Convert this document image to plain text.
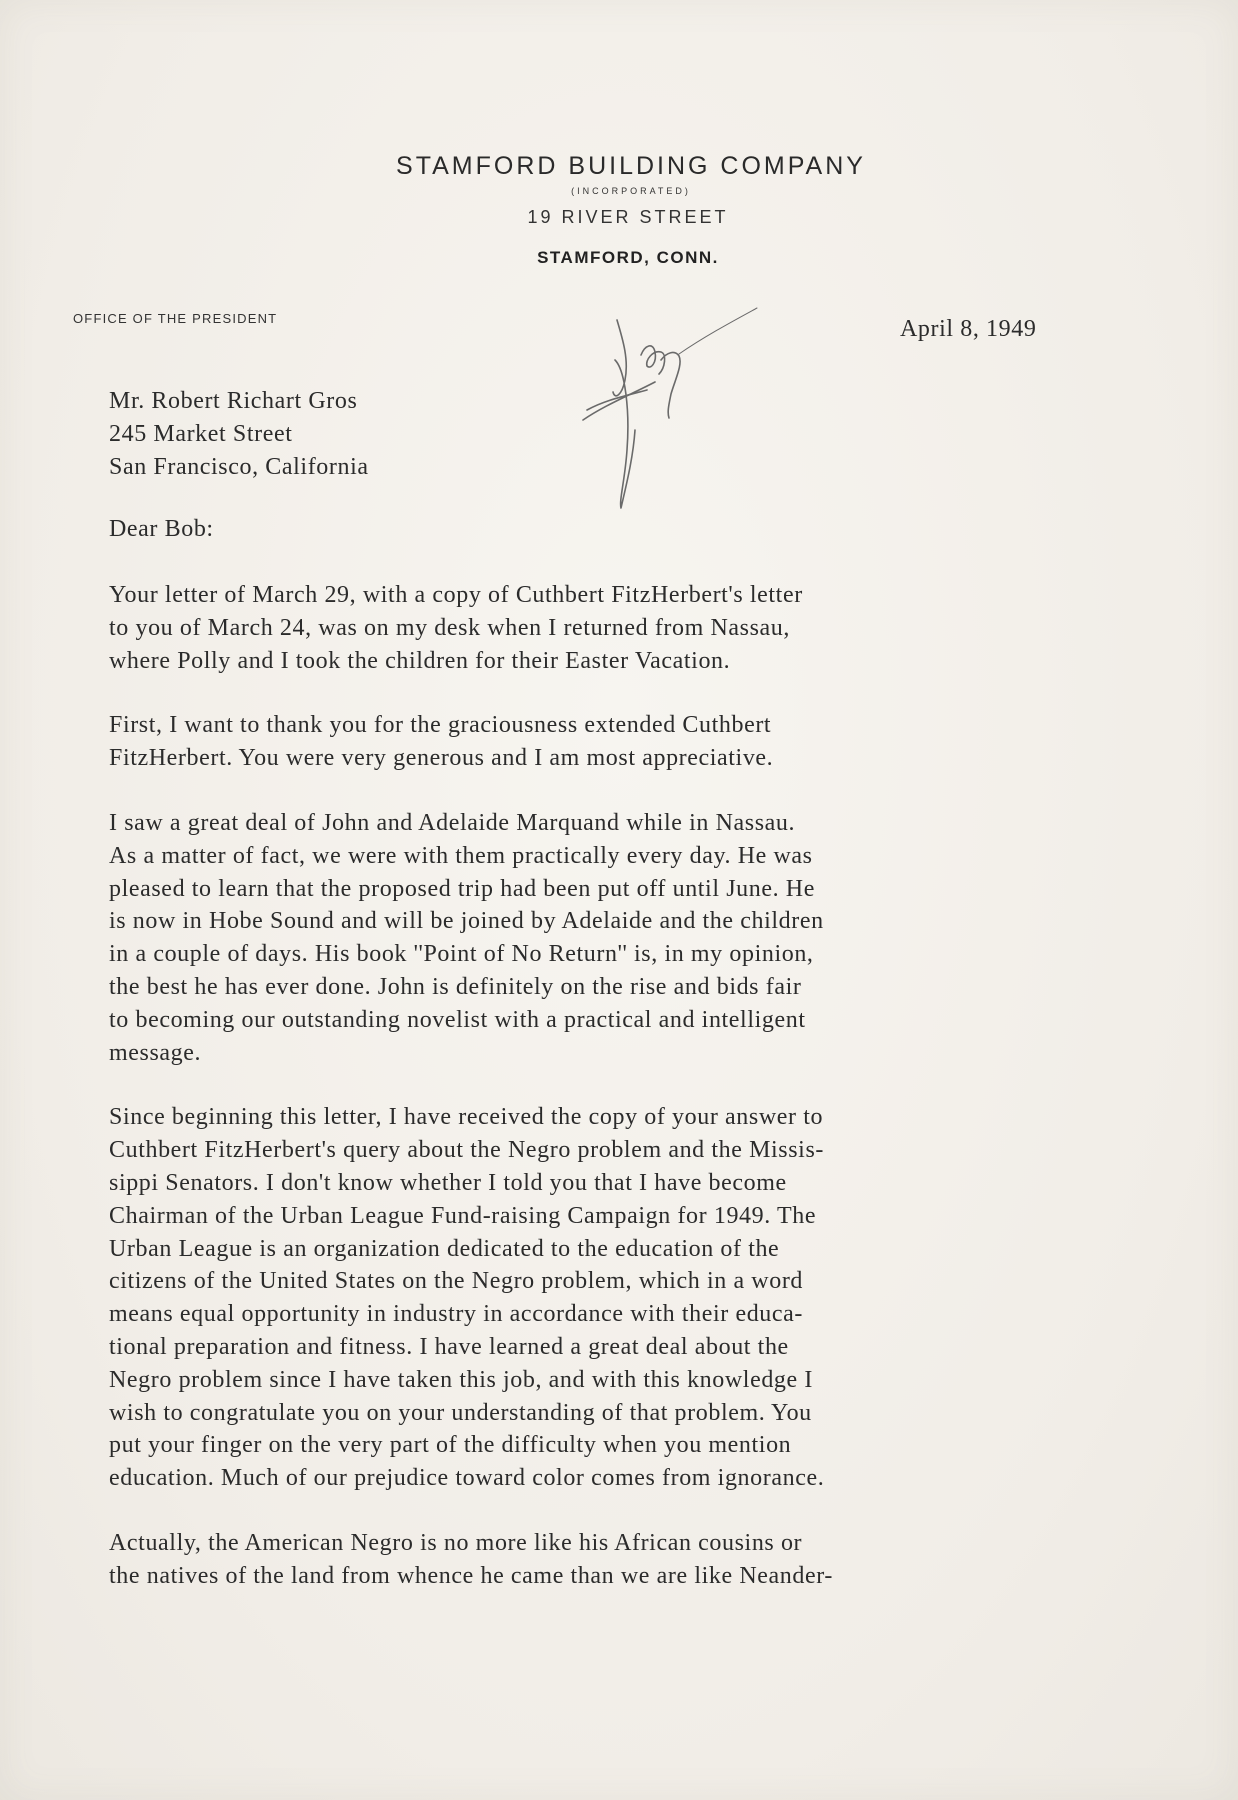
STAMFORD BUILDING COMPANY
(INCORPORATED)
19 RIVER STREET
STAMFORD, CONN.
OFFICE OF THE PRESIDENT	April 8, 1949
Mr. Robert Richart Gros
245 Market Street
San Francisco, California
Dear Bob:

Your letter of March 29, with a copy of Cuthbert FitzHerbert's letter
to you of March 24, was on my desk when I returned from Nassau,
where Polly and I took the children for their Easter Vacation.

First, I want to thank you for the graciousness extended Cuthbert
FitzHerbert. You were very generous and I am most appreciative.

I saw a great deal of John and Adelaide Marquand while in Nassau.
As a matter of fact, we were with them practically every day. He was
pleased to learn that the proposed trip had been put off until June. He
is now in Hobe Sound and will be joined by Adelaide and the children
in a couple of days. His book ''Point of No Return'' is, in my opinion,
the best he has ever done. John is definitely on the rise and bids fair
to becoming our outstanding novelist with a practical and intelligent
message.

Since beginning this letter, I have received the copy of your answer to
Cuthbert FitzHerbert's query about the Negro problem and the Missis-
sippi Senators. I don't know whether I told you that I have become
Chairman of the Urban League Fund-raising Campaign for 1949. The
Urban League is an organization dedicated to the education of the
citizens of the United States on the Negro problem, which in a word
means equal opportunity in industry in accordance with their educa-
tional preparation and fitness. I have learned a great deal about the
Negro problem since I have taken this job, and with this knowledge I
wish to congratulate you on your understanding of that problem. You
put your finger on the very part of the difficulty when you mention
education. Much of our prejudice toward color comes from ignorance.

Actually, the American Negro is no more like his African cousins or
the natives of the land from whence he came than we are like Neander-
